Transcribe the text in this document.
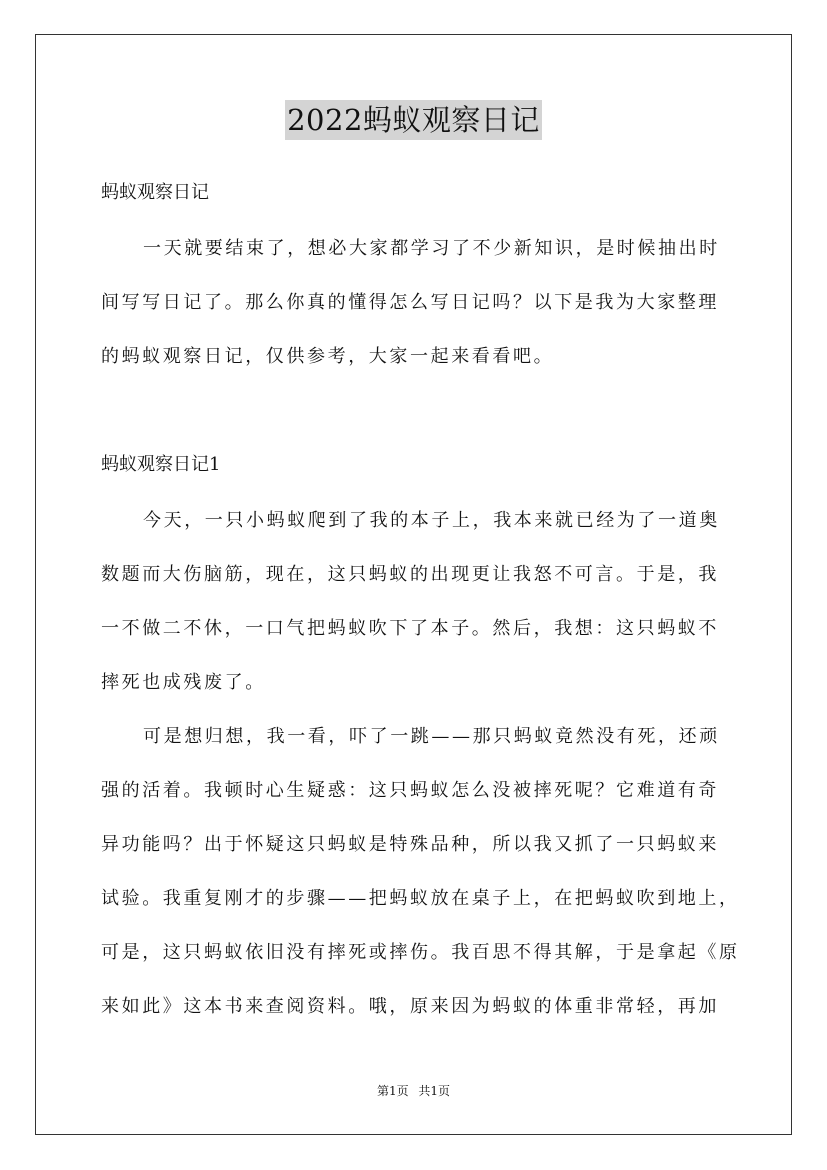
2022蚂蚁观察日记
蚂蚁观察日记
一天就要结束了，想必大家都学习了不少新知识，是时候抽出时
间写写日记了。那么你真的懂得怎么写日记吗？以下是我为大家整理
的蚂蚁观察日记，仅供参考，大家一起来看看吧。
蚂蚁观察日记1
今天，一只小蚂蚁爬到了我的本子上，我本来就已经为了一道奥
数题而大伤脑筋，现在，这只蚂蚁的出现更让我怒不可言。于是，我
一不做二不休，一口气把蚂蚁吹下了本子。然后，我想：这只蚂蚁不
摔死也成残废了。
可是想归想，我一看，吓了一跳——那只蚂蚁竟然没有死，还顽
强的活着。我顿时心生疑惑：这只蚂蚁怎么没被摔死呢？它难道有奇
异功能吗？出于怀疑这只蚂蚁是特殊品种，所以我又抓了一只蚂蚁来
试验。我重复刚才的步骤——把蚂蚁放在桌子上，在把蚂蚁吹到地上，
可是，这只蚂蚁依旧没有摔死或摔伤。我百思不得其解，于是拿起《原
来如此》这本书来查阅资料。哦，原来因为蚂蚁的体重非常轻，再加
第1页 共1页
